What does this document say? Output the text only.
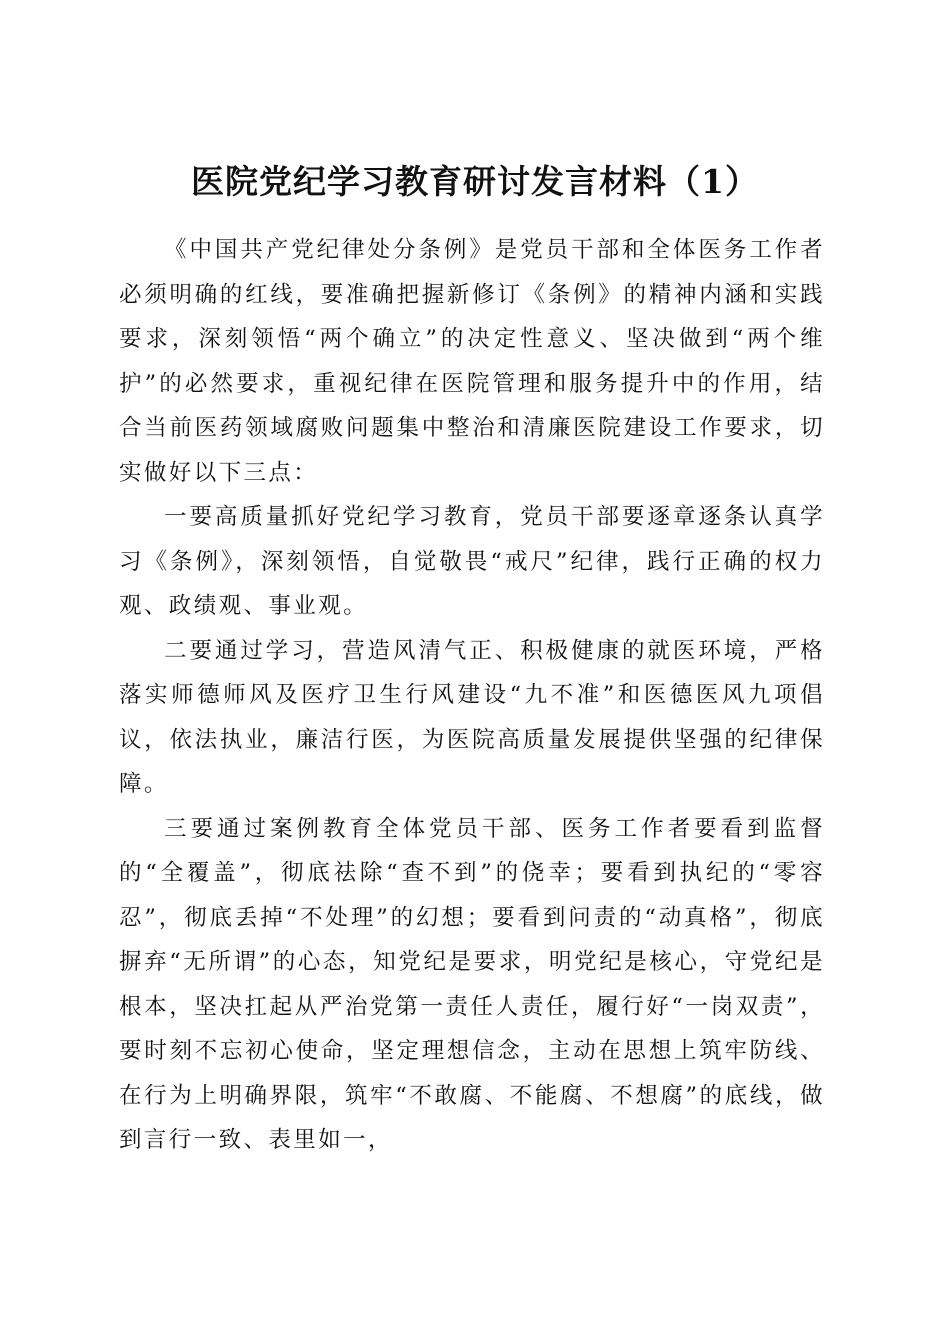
医院党纪学习教育研讨发言材料（1）

《中国共产党纪律处分条例》是党员干部和全体医务工作者必须明确的红线，要准确把握新修订《条例》的精神内涵和实践要求，深刻领悟“两个确立”的决定性意义、坚决做到“两个维护”的必然要求，重视纪律在医院管理和服务提升中的作用，结合当前医药领域腐败问题集中整治和清廉医院建设工作要求，切实做好以下三点：

一要高质量抓好党纪学习教育，党员干部要逐章逐条认真学习《条例》，深刻领悟，自觉敬畏“戒尺”纪律，践行正确的权力观、政绩观、事业观。

二要通过学习，营造风清气正、积极健康的就医环境，严格落实师德师风及医疗卫生行风建设“九不准”和医德医风九项倡议，依法执业，廉洁行医，为医院高质量发展提供坚强的纪律保障。

三要通过案例教育全体党员干部、医务工作者要看到监督的“全覆盖”，彻底祛除“查不到”的侥幸；要看到执纪的“零容忍”，彻底丢掉“不处理”的幻想；要看到问责的“动真格”，彻底摒弃“无所谓”的心态，知党纪是要求，明党纪是核心，守党纪是根本，坚决扛起从严治党第一责任人责任，履行好“一岗双责”，要时刻不忘初心使命，坚定理想信念，主动在思想上筑牢防线、在行为上明确界限，筑牢“不敢腐、不能腐、不想腐”的底线，做到言行一致、表里如一，
